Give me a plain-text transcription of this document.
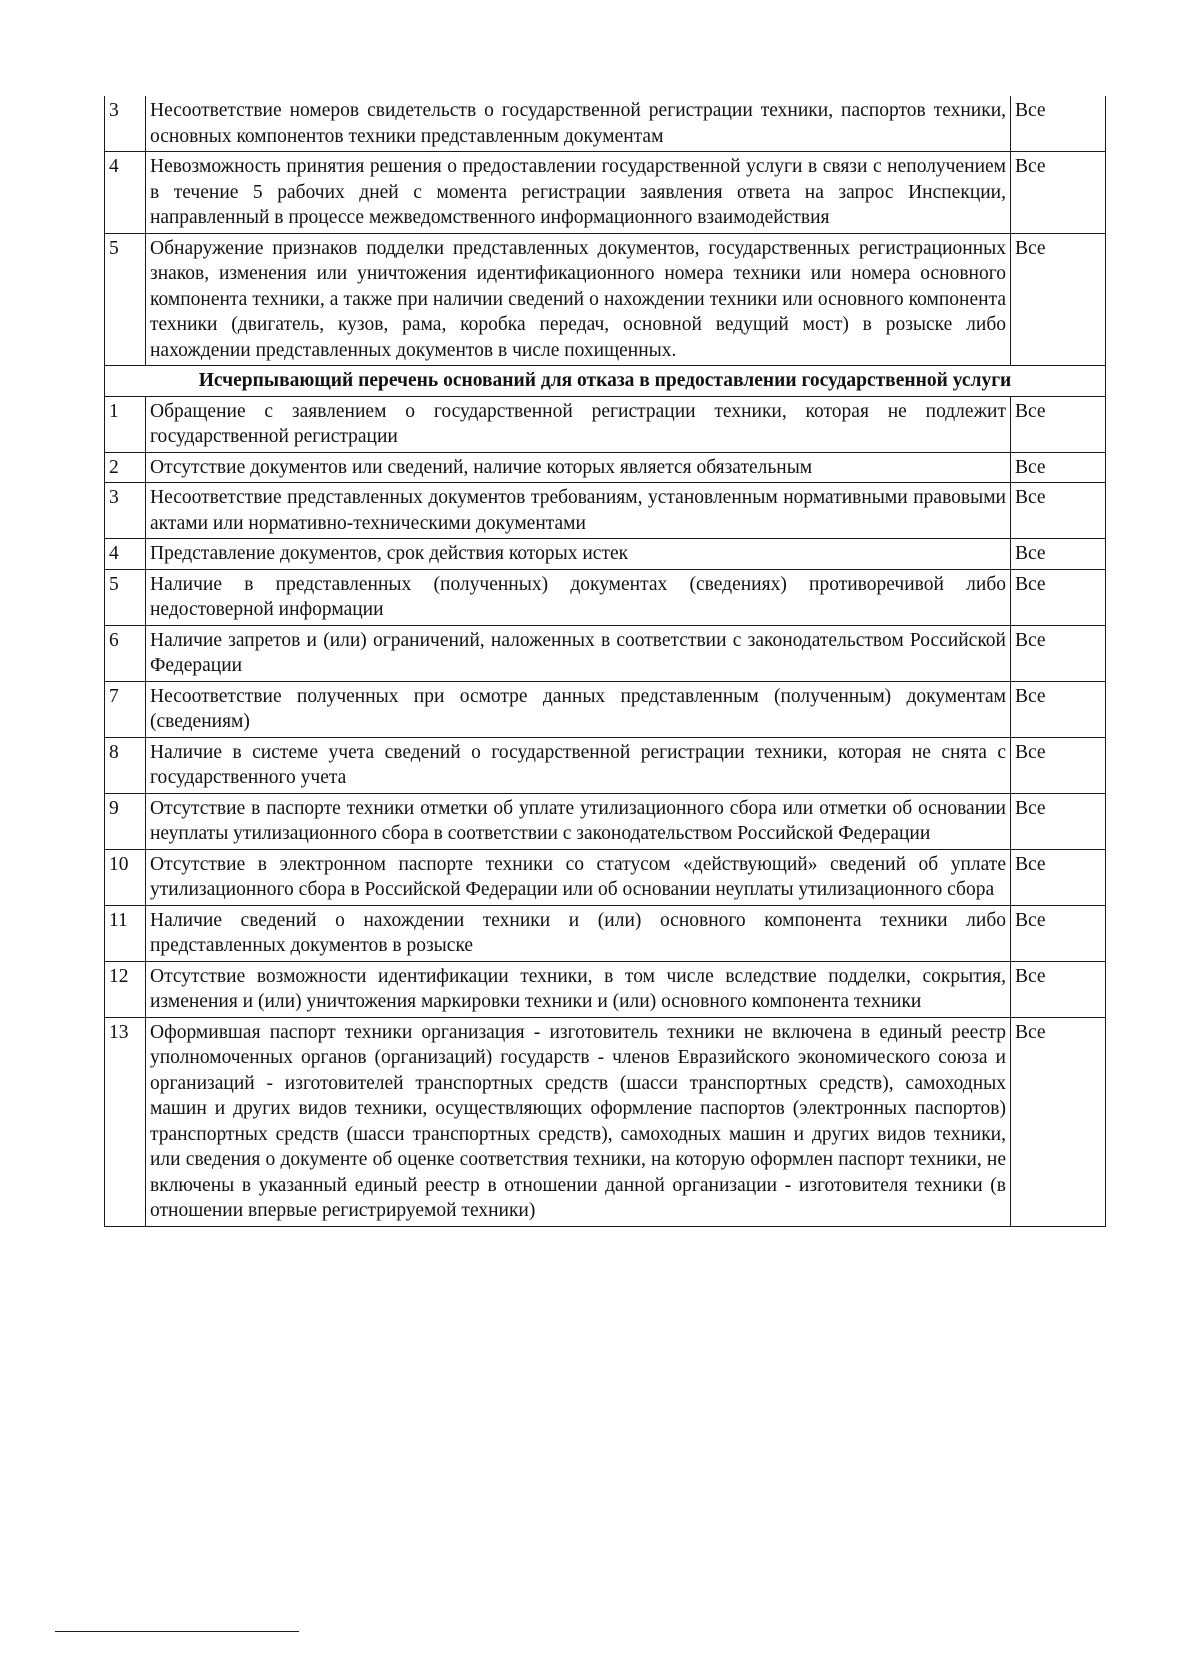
3	Несоответствие номеров свидетельств о государственной регистрации техники, паспортов техники, основных компонентов техники представленным документам	Все
4	Невозможность принятия решения о предоставлении государственной услуги в связи с неполучением в течение 5 рабочих дней с момента регистрации заявления ответа на запрос Инспекции, направленный в процессе межведомственного информационного взаимодействия	Все
5	Обнаружение признаков подделки представленных документов, государственных регистрационных знаков, изменения или уничтожения идентификационного номера техники или номера основного компонента техники, а также при наличии сведений о нахождении техники или основного компонента техники (двигатель, кузов, рама, коробка передач, основной ведущий мост) в розыске либо нахождении представленных документов в числе похищенных.	Все
Исчерпывающий перечень оснований для отказа в предоставлении государственной услуги		
1	Обращение с заявлением о государственной регистрации техники, которая не подлежит государственной регистрации	Все
2	Отсутствие документов или сведений, наличие которых является обязательным	Все
3	Несоответствие представленных документов требованиям, установленным нормативными правовыми актами или нормативно-техническими документами	Все
4	Представление документов, срок действия которых истек	Все
5	Наличие в представленных (полученных) документах (сведениях) противоречивой либо недостоверной информации	Все
6	Наличие запретов и (или) ограничений, наложенных в соответствии с законодательством Российской Федерации	Все
7	Несоответствие полученных при осмотре данных представленным (полученным) документам (сведениям)	Все
8	Наличие в системе учета сведений о государственной регистрации техники, которая не снята с государственного учета	Все
9	Отсутствие в паспорте техники отметки об уплате утилизационного сбора или отметки об основании неуплаты утилизационного сбора в соответствии с законодательством Российской Федерации	Все
10	Отсутствие в электронном паспорте техники со статусом «действующий» сведений об уплате утилизационного сбора в Российской Федерации или об основании неуплаты утилизационного сбора	Все
11	Наличие сведений о нахождении техники и (или) основного компонента техники либо представленных документов в розыске	Все
12	Отсутствие возможности идентификации техники, в том числе вследствие подделки, сокрытия, изменения и (или) уничтожения маркировки техники и (или) основного компонента техники	Все
13	Оформившая паспорт техники организация - изготовитель техники не включена в единый реестр уполномоченных органов (организаций) государств - членов Евразийского экономического союза и организаций - изготовителей транспортных средств (шасси транспортных средств), самоходных машин и других видов техники, осуществляющих оформление паспортов (электронных паспортов) транспортных средств (шасси транспортных средств), самоходных машин и других видов техники, или сведения о документе об оценке соответствия техники, на которую оформлен паспорт техники, не включены в указанный единый реестр в отношении данной организации - изготовителя техники (в отношении впервые регистрируемой техники)	Все
